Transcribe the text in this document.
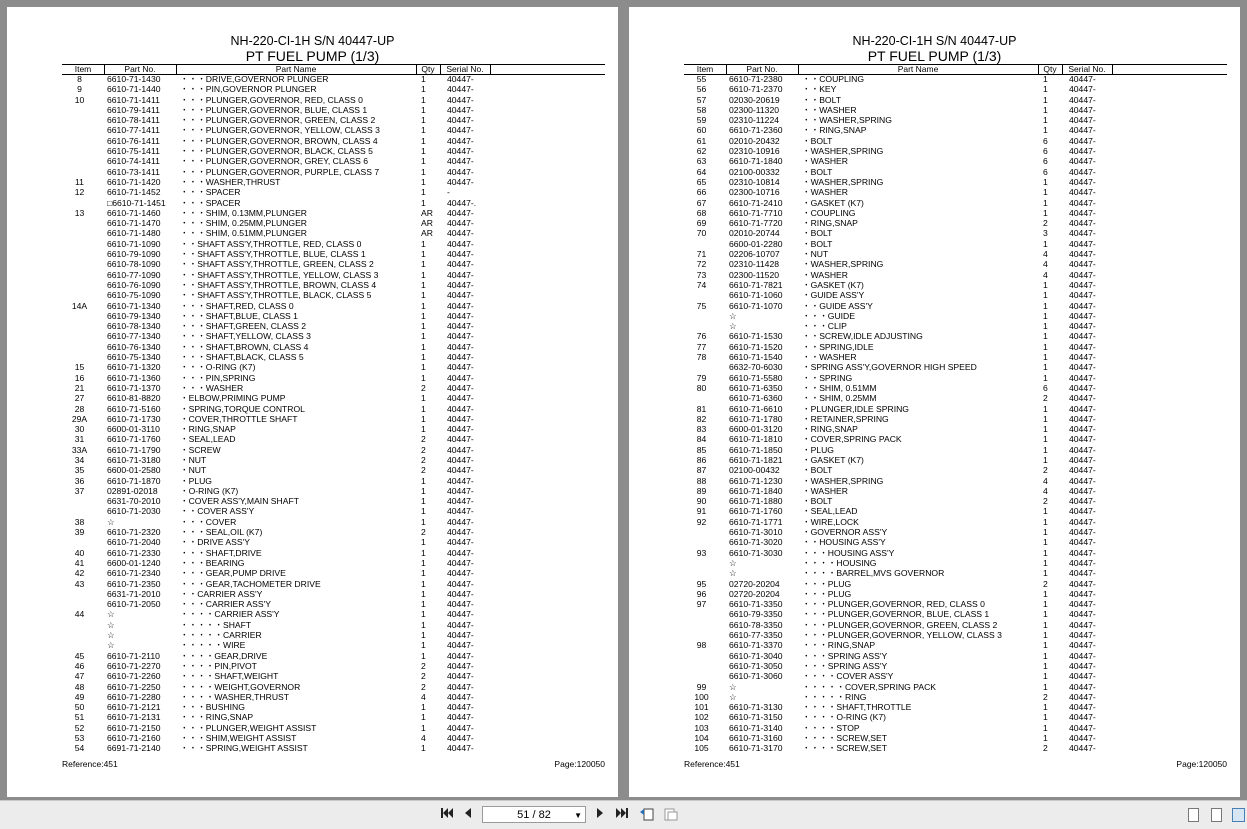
NH-220-CI-1H S/N 40447-UP
PT FUEL PUMP (1/3)
Item	Part No.	Part Name	Qty	Serial No.
8	6610-71-1430 ・・・DRIVE,GOVERNOR PLUNGER	1 40447-
9	6610-71-1440 ・・・PIN,GOVERNOR PLUNGER	1 40447-
10	6610-71-1411 ・・・PLUNGER,GOVERNOR, RED, CLASS 0	1 40447-
6610-79-1411 ・・・PLUNGER,GOVERNOR, BLUE, CLASS 1	1 40447-
6610-78-1411 ・・・PLUNGER,GOVERNOR, GREEN, CLASS 2	1 40447-
6610-77-1411 ・・・PLUNGER,GOVERNOR, YELLOW, CLASS 3	1 40447-
6610-76-1411 ・・・PLUNGER,GOVERNOR, BROWN, CLASS 4	1 40447-
6610-75-1411 ・・・PLUNGER,GOVERNOR, BLACK, CLASS 5	1 40447-
6610-74-1411 ・・・PLUNGER,GOVERNOR, GREY, CLASS 6	1 40447-
6610-73-1411 ・・・PLUNGER,GOVERNOR, PURPLE, CLASS 7	1 40447-
11	6610-71-1420 ・・・WASHER,THRUST	1 40447-
12	6610-71-1452 ・・・SPACER	1 -
□6610-71-1451 ・・・SPACER	1 40447-.
13	6610-71-1460 ・・・SHIM, 0.13MM,PLUNGER	AR 40447-
6610-71-1470 ・・・SHIM, 0.25MM,PLUNGER	AR 40447-
6610-71-1480 ・・・SHIM, 0.51MM,PLUNGER	AR 40447-
6610-71-1090 ・・SHAFT ASS'Y,THROTTLE, RED, CLASS 0	1 40447-
6610-79-1090 ・・SHAFT ASS'Y,THROTTLE, BLUE, CLASS 1	1 40447-
6610-78-1090 ・・SHAFT ASS'Y,THROTTLE, GREEN, CLASS 2	1 40447-
6610-77-1090 ・・SHAFT ASS'Y,THROTTLE, YELLOW, CLASS 3	1 40447-
6610-76-1090 ・・SHAFT ASS'Y,THROTTLE, BROWN, CLASS 4	1 40447-
6610-75-1090 ・・SHAFT ASS'Y,THROTTLE, BLACK, CLASS 5	1 40447-
14A	6610-71-1340 ・・・SHAFT,RED, CLASS 0	1 40447-
6610-79-1340 ・・・SHAFT,BLUE, CLASS 1	1 40447-
6610-78-1340 ・・・SHAFT,GREEN, CLASS 2	1 40447-
6610-77-1340 ・・・SHAFT,YELLOW, CLASS 3	1 40447-
6610-76-1340 ・・・SHAFT,BROWN, CLASS 4	1 40447-
6610-75-1340 ・・・SHAFT,BLACK, CLASS 5	1 40447-
15	6610-71-1320 ・・・O-RING (K7)	1 40447-
16	6610-71-1360 ・・・PIN,SPRING	1 40447-
21	6610-71-1370 ・・・WASHER	2 40447-
27	6610-81-8820 ・ELBOW,PRIMING PUMP	1 40447-
28	6610-71-5160 ・SPRING,TORQUE CONTROL	1 40447-
29A	6610-71-1730 ・COVER,THROTTLE SHAFT	1 40447-
30	6600-01-3110 ・RING,SNAP	1 40447-
31	6610-71-1760 ・SEAL,LEAD	2 40447-
33A	6610-71-1790 ・SCREW	2 40447-
34	6610-71-3180 ・NUT	2 40447-
35	6600-01-2580 ・NUT	2 40447-
36	6610-71-1870 ・PLUG	1 40447-
37	02891-02018	・O-RING (K7)	1 40447-
6631-70-2010 ・COVER ASS'Y,MAIN SHAFT	1 40447-
6610-71-2030 ・・COVER ASS'Y	1 40447-
38	☆	・・・COVER	1 40447-
39	6610-71-2320 ・・・SEAL,OIL (K7)	2 40447-
6610-71-2040 ・・DRIVE ASS'Y	1 40447-
40	6610-71-2330 ・・・SHAFT,DRIVE	1 40447-
41	6600-01-1240 ・・・BEARING	1 40447-
42	6610-71-2340 ・・・GEAR,PUMP DRIVE	1 40447-
43	6610-71-2350 ・・・GEAR,TACHOMETER DRIVE	1 40447-
6631-71-2010 ・・CARRIER ASS'Y	1 40447-
6610-71-2050 ・・・CARRIER ASS'Y	1 40447-
44	☆	・・・・CARRIER ASS'Y	1 40447-
☆	・・・・・SHAFT	1 40447-
☆	・・・・・CARRIER	1 40447-
☆	・・・・・WIRE	1 40447-
45	6610-71-2110 ・・・・GEAR,DRIVE	1 40447-
46	6610-71-2270 ・・・・PIN,PIVOT	2 40447-
47	6610-71-2260 ・・・・SHAFT,WEIGHT	2 40447-
48	6610-71-2250 ・・・・WEIGHT,GOVERNOR	2 40447-
49	6610-71-2280 ・・・・WASHER,THRUST	4 40447-
50	6610-71-2121 ・・・BUSHING	1 40447-
51	6610-71-2131 ・・・RING,SNAP	1 40447-
52	6610-71-2150 ・・・PLUNGER,WEIGHT ASSIST	1 40447-
53	6610-71-2160 ・・・SHIM,WEIGHT ASSIST	4 40447-
54	6691-71-2140 ・・・SPRING,WEIGHT ASSIST	1 40447-
Reference:451	Page:120050
NH-220-CI-1H S/N 40447-UP
PT FUEL PUMP (1/3)
Item	Part No.	Part Name	Qty	Serial No.
55	6610-71-2380 ・・COUPLING	1 40447-
56	6610-71-2370 ・・KEY	1 40447-
57	02030-20619	・・BOLT	1 40447-
58	02300-11320	・・WASHER	1 40447-
59	02310-11224	・・WASHER,SPRING	1 40447-
60	6610-71-2360 ・・RING,SNAP	1 40447-
61	02010-20432	・BOLT	6 40447-
62	02310-10916	・WASHER,SPRING	6 40447-
63	6610-71-1840 ・WASHER	6 40447-
64	02100-00332	・BOLT	6 40447-
65	02310-10814	・WASHER,SPRING	1 40447-
66	02300-10716	・WASHER	1 40447-
67	6610-71-2410 ・GASKET (K7)	1 40447-
68	6610-71-7710 ・COUPLING	1 40447-
69	6610-71-7720 ・RING,SNAP	2 40447-
70	02010-20744	・BOLT	3 40447-
6600-01-2280 ・BOLT	1 40447-
71	02206-10707	・NUT	4 40447-
72	02310-11428	・WASHER,SPRING	4 40447-
73	02300-11520	・WASHER	4 40447-
74	6610-71-7821 ・GASKET (K7)	1 40447-
6610-71-1060 ・GUIDE ASS'Y	1 40447-
75	6610-71-1070 ・・GUIDE ASS'Y	1 40447-
☆	・・・GUIDE	1 40447-
☆	・・・CLIP	1 40447-
76	6610-71-1530 ・・SCREW,IDLE ADJUSTING	1 40447-
77	6610-71-1520 ・・SPRING,IDLE	1 40447-
78	6610-71-1540 ・・WASHER	1 40447-
6632-70-6030 ・SPRING ASS'Y,GOVERNOR HIGH SPEED	1 40447-
79	6610-71-5580 ・・SPRING	1 40447-
80	6610-71-6350 ・・SHIM, 0.51MM	6 40447-
6610-71-6360 ・・SHIM, 0.25MM	2 40447-
81	6610-71-6610 ・PLUNGER,IDLE SPRING	1 40447-
82	6610-71-1780 ・RETAINER,SPRING	1 40447-
83	6600-01-3120 ・RING,SNAP	1 40447-
84	6610-71-1810 ・COVER,SPRING PACK	1 40447-
85	6610-71-1850 ・PLUG	1 40447-
86	6610-71-1821 ・GASKET (K7)	1 40447-
87	02100-00432	・BOLT	2 40447-
88	6610-71-1230 ・WASHER,SPRING	4 40447-
89	6610-71-1840 ・WASHER	4 40447-
90	6610-71-1880 ・BOLT	2 40447-
91	6610-71-1760 ・SEAL,LEAD	1 40447-
92	6610-71-1771 ・WIRE,LOCK	1 40447-
6610-71-3010 ・GOVERNOR ASS'Y	1 40447-
6610-71-3020 ・・HOUSING ASS'Y	1 40447-
93	6610-71-3030 ・・・HOUSING ASS'Y	1 40447-
☆	・・・・HOUSING	1 40447-
☆	・・・・BARREL,MVS GOVERNOR	1 40447-
95	02720-20204	・・・PLUG	2 40447-
96	02720-20204	・・・PLUG	1 40447-
97	6610-71-3350 ・・・PLUNGER,GOVERNOR, RED, CLASS 0	1 40447-
6610-79-3350 ・・・PLUNGER,GOVERNOR, BLUE, CLASS 1	1 40447-
6610-78-3350 ・・・PLUNGER,GOVERNOR, GREEN, CLASS 2	1 40447-
6610-77-3350 ・・・PLUNGER,GOVERNOR, YELLOW, CLASS 3	1 40447-
98	6610-71-3370 ・・・RING,SNAP	1 40447-
6610-71-3040 ・・・SPRING ASS'Y	1 40447-
6610-71-3050 ・・・SPRING ASS'Y	1 40447-
6610-71-3060 ・・・・COVER ASS'Y	1 40447-
99	☆	・・・・・COVER,SPRING PACK	1 40447-
100	☆	・・・・・RING	2 40447-
101	6610-71-3130 ・・・・SHAFT,THROTTLE	1 40447-
102	6610-71-3150 ・・・・O-RING (K7)	1 40447-
103	6610-71-3140 ・・・・STOP	1 40447-
104	6610-71-3160 ・・・・SCREW,SET	1 40447-
105	6610-71-3170 ・・・・SCREW,SET	2 40447-
Reference:451	Page:120050
51 / 82	▼
